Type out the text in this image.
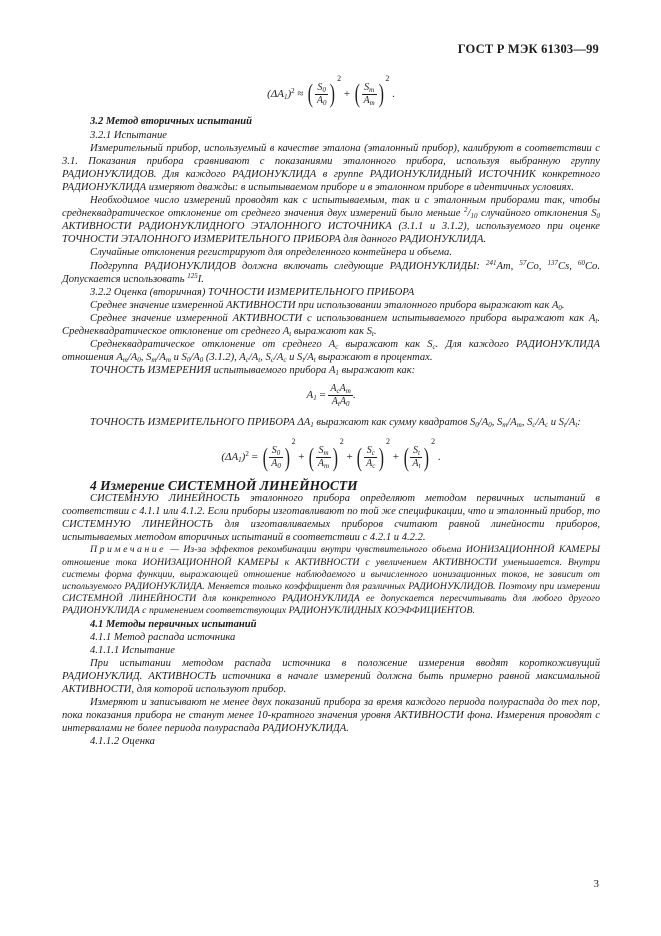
ГОСТ Р МЭК 61303—99
$(\Delta A_1)^2$ ≈ ( $\frac{S_0}{A_0} )^2$ + ( $\frac{S_m}{A_m} )^2$ .

3.2 Метод вторичных испытаний

3.2.1 Испытание

Измерительный прибор, используемый в качестве эталона (эталонный прибор), калибруют в соответствии с 3.1. Показания прибора сравнивают с показаниями эталонного прибора, используя выбранную группу РАДИОНУКЛИДОВ. Для каждого РАДИОНУКЛИДА в группе РАДИОНУКЛИДНЫЙ ИСТОЧНИК конкретного РАДИОНУКЛИДА измеряют дважды: в испытываемом приборе и в эталонном приборе в идентичных условиях.

Необходимое число измерений проводят как с испытываемым, так и с эталонным приборами так, чтобы среднеквадратическое отклонение от среднего значения двух измерений было меньше $^2/_{10}$ случайного отклонения $S_0$ АКТИВНОСТИ РАДИОНУКЛИДНОГО ЭТАЛОННОГО ИСТОЧНИКА (3.1.1 и 3.1.2), используемого при оценке ТОЧНОСТИ ЭТАЛОННОГО ИЗМЕРИТЕЛЬНОГО ПРИБОРА для данного РАДИОНУКЛИДА.

Случайные отклонения регистрируют для определенного контейнера и объема.

Подгруппа РАДИОНУКЛИДОВ должна включать следующие РАДИОНУКЛИДЫ: $^{241}$Am, $^{57}$Co, $^{137}$Cs, $^{60}$Co. Допускается использовать $^{125}$I.

3.2.2 Оценка (вторичная) ТОЧНОСТИ ИЗМЕРИТЕЛЬНОГО ПРИБОРА

Среднее значение измеренной АКТИВНОСТИ при использовании эталонного прибора выражают как $A_0$.

Среднее значение измеренной АКТИВНОСТИ с использованием испытываемого прибора выражают как $A_t$. Среднеквадратическое отклонение от среднего $A_t$ выражают как $S_t$.

Среднеквадратическое отклонение от среднего $A_c$ выражают как $S_c$. Для каждого РАДИОНУКЛИДА отношения $A_m/A_0$, $S_m/A_m$ и $S_0/A_0$ (3.1.2), $A_c/A_t$, $S_c/A_c$ и $S_t/A_t$ выражают в процентах.

ТОЧНОСТЬ ИЗМЕРЕНИЯ испытываемого прибора $A_1$ выражают как:

$A_1 = \frac{A_cA_m}{A_tA_0}$ .

ТОЧНОСТЬ ИЗМЕРИТЕЛЬНОГО ПРИБОРА $\Delta A_1$ выражают как сумму квадратов $S_0/A_0$, $S_m/A_m$, $S_c/A_c$ и $S_t/A_t$:

$(\Delta A_1)^2$ = ( $\frac{S_0}{A_0} )^2$ + ( $\frac{S_m}{A_m} )^2$ + ( $\frac{S_c}{A_c} )^2$ + ( $\frac{S_t}{A_t} )^2$ .

4 Измерение СИСТЕМНОЙ ЛИНЕЙНОСТИ

СИСТЕМНУЮ ЛИНЕЙНОСТЬ эталонного прибора определяют методом первичных испытаний в соответствии с 4.1.1 или 4.1.2. Если приборы изготавливают по той же спецификации, что и эталонный прибор, то СИСТЕМНУЮ ЛИНЕЙНОСТЬ для изготавливаемых приборов считают равной линейности приборов, испытываемых методом вторичных испытаний в соответствии с 4.2.1 и 4.2.2.

Примечание — Из-за эффектов рекомбинации внутри чувствительного объема ИОНИЗАЦИОННОЙ КАМЕРЫ отношение тока ИОНИЗАЦИОННОЙ КАМЕРЫ к АКТИВНОСТИ с увеличением АКТИВНОСТИ уменьшается. Внутри системы форма функции, выражающей отношение наблюдаемого и вычисленного ионизационных токов, не зависит от используемого РАДИОНУКЛИДА. Меняется только коэффициент для различных РАДИОНУКЛИДОВ. Поэтому при измерении СИСТЕМНОЙ ЛИНЕЙНОСТИ для конкретного РАДИОНУКЛИДА ее допускается пересчитывать для любого другого РАДИОНУКЛИДА с применением соответствующих РАДИОНУКЛИДНЫХ КОЭФФИЦИЕНТОВ.

4.1 Методы первичных испытаний

4.1.1 Метод распада источника

4.1.1.1 Испытание

При испытании методом распада источника в положение измерения вводят короткоживущий РАДИОНУКЛИД. АКТИВНОСТЬ источника в начале измерений должна быть примерно равной максимальной АКТИВНОСТИ, для которой используют прибор.

Измеряют и записывают не менее двух показаний прибора за время каждого периода полураспада до тех пор, пока показания прибора не станут менее 10-кратного значения уровня АКТИВНОСТИ фона. Измерения проводят с интервалами не более периода полураспада РАДИОНУКЛИДА.

4.1.1.2 Оценка

3
